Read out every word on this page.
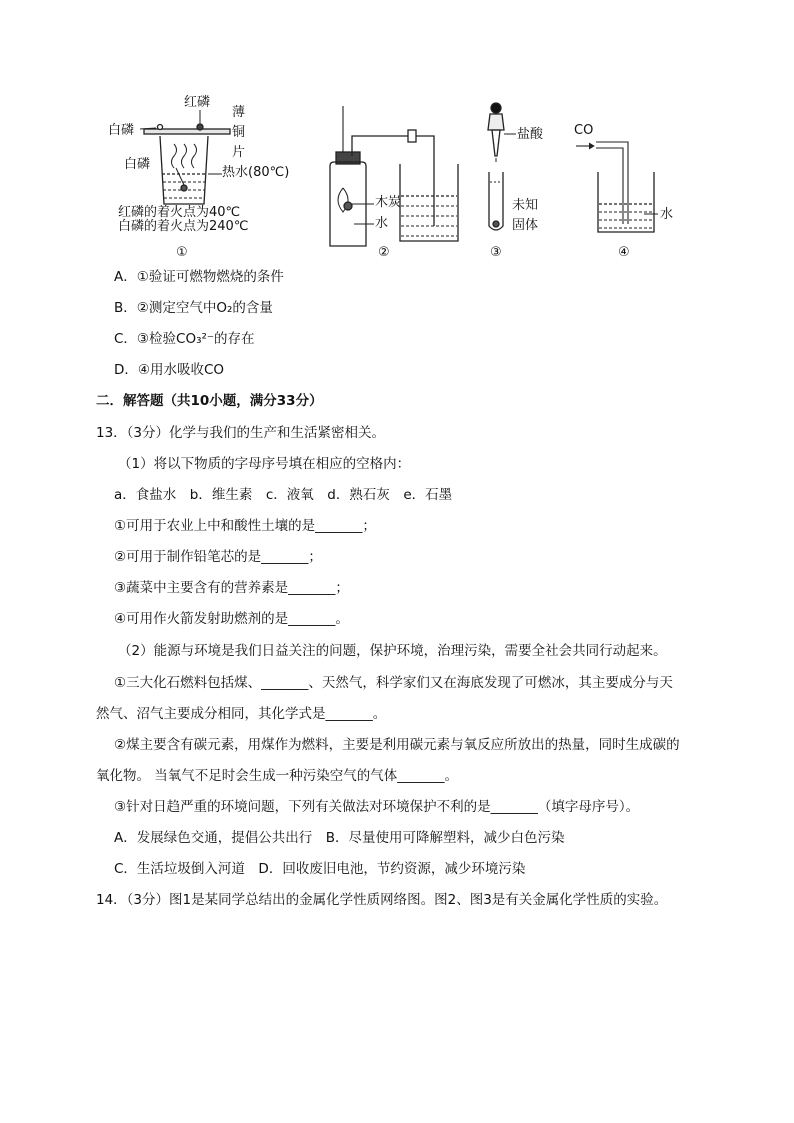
红磷
白磷
薄
铜
片
白磷
热水(80℃)
红磷的着火点为40℃
白磷的着火点为240℃
①
木炭
水
②
盐酸
未知
固体
③
CO
水
④
A．①验证可燃物燃烧的条件
B．②测定空气中O₂的含量
C．③检验CO₃²⁻的存在
D．④用水吸收CO
二．解答题（共10小题，满分33分）
13．（3分）化学与我们的生产和生活紧密相关。
（1）将以下物质的字母序号填在相应的空格内：
a．食盐水　b．维生素　c．液氧　d．熟石灰　e．石墨
①可用于农业上中和酸性土壤的是_______；
②可用于制作铅笔芯的是_______；
③蔬菜中主要含有的营养素是_______；
④可用作火箭发射助燃剂的是_______。
（2）能源与环境是我们日益关注的问题，保护环境，治理污染，需要全社会共同行动起来。
①三大化石燃料包括煤、_______、天然气，科学家们又在海底发现了可燃冰，其主要成分与天
然气、沼气主要成分相同，其化学式是_______。
②煤主要含有碳元素，用煤作为燃料，主要是利用碳元素与氧反应所放出的热量，同时生成碳的
氧化物。 当氧气不足时会生成一种污染空气的气体_______。
③针对日趋严重的环境问题，下列有关做法对环境保护不利的是_______（填字母序号）。
A．发展绿色交通，提倡公共出行　B．尽量使用可降解塑料，减少白色污染
C．生活垃圾倒入河道　D．回收废旧电池，节约资源，减少环境污染
14．（3分）图1是某同学总结出的金属化学性质网络图。图2、图3是有关金属化学性质的实验。
